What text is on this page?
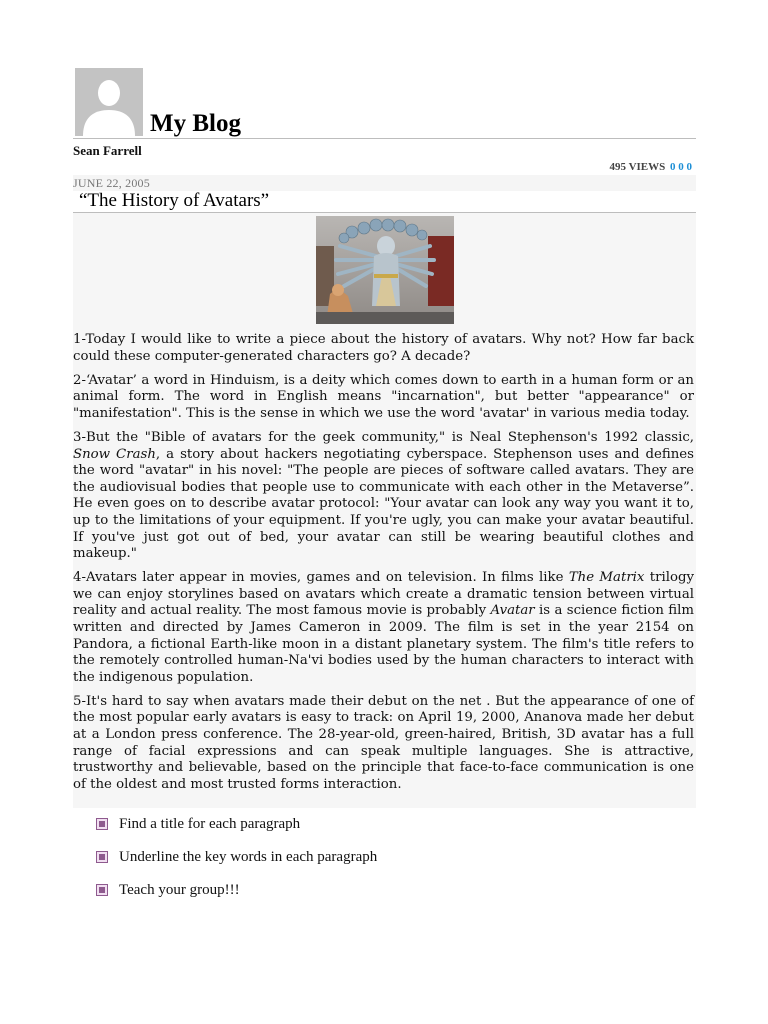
My Blog
Sean Farrell
495 VIEWS 0 0 0
JUNE 22, 2005
“The History of Avatars”

1-Today I would like to write a piece about the history of avatars. Why not? How far back could these computer-generated characters go? A decade?

2-‘Avatar’ a word in Hinduism, is a deity which comes down to earth in a human form or an animal form. The word in English means "incarnation", but better "appearance" or "manifestation". This is the sense in which we use the word 'avatar' in various media today.

3-But the "Bible of avatars for the geek community," is Neal Stephenson's 1992 classic, Snow Crash, a story about hackers negotiating cyberspace. Stephenson uses and defines the word "avatar" in his novel: "The people are pieces of software called avatars. They are the audiovisual bodies that people use to communicate with each other in the Metaverse”. He even goes on to describe avatar protocol: "Your avatar can look any way you want it to, up to the limitations of your equipment. If you're ugly, you can make your avatar beautiful. If you've just got out of bed, your avatar can still be wearing beautiful clothes and makeup."

4-Avatars later appear in movies, games and on television. In films like The Matrix trilogy we can enjoy storylines based on avatars which create a dramatic tension between virtual reality and actual reality. The most famous movie is probably Avatar is a science fiction film written and directed by James Cameron in 2009. The film is set in the year 2154 on Pandora, a fictional Earth-like moon in a distant planetary system. The film's title refers to the remotely controlled human-Na'vi bodies used by the human characters to interact with the indigenous population.

5-It's hard to say when avatars made their debut on the net . But the appearance of one of the most popular early avatars is easy to track: on April 19, 2000, Ananova made her debut at a London press conference. The 28-year-old, green-haired, British, 3D avatar has a full range of facial expressions and can speak multiple languages. She is attractive, trustworthy and believable, based on the principle that face-to-face communication is one of the oldest and most trusted forms interaction.

Find a title for each paragraph
Underline the key words in each paragraph
Teach your group!!!
